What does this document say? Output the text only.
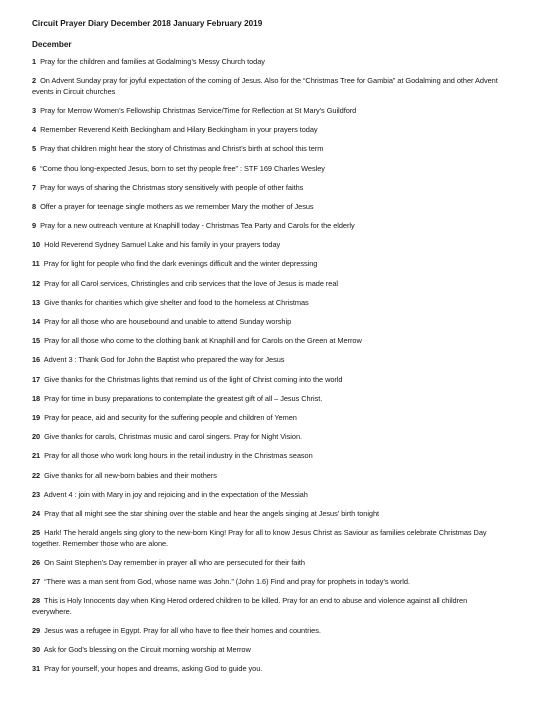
Circuit Prayer Diary December 2018 January February 2019
December
1 Pray for the children and families at Godalming’s Messy Church today
2 On Advent Sunday pray for joyful expectation of the coming of Jesus. Also for the “Christmas Tree for Gambia” at Godalming and other Advent events in Circuit churches
3 Pray for Merrow Women’s Fellowship Christmas Service/Time for Reflection at St Mary’s Guildford
4 Remember Reverend Keith Beckingham and Hilary Beckingham in your prayers today
5 Pray that children might hear the story of Christmas and Christ’s birth at school this term
6 “Come thou long-expected Jesus, born to set thy people free” : STF 169 Charles Wesley
7 Pray for ways of sharing the Christmas story sensitively with people of other faiths
8 Offer a prayer for teenage single mothers as we remember Mary the mother of Jesus
9 Pray for a new outreach venture at Knaphill today - Christmas Tea Party and Carols for the elderly
10 Hold Reverend Sydney Samuel Lake and his family in your prayers today
11 Pray for light for people who find the dark evenings difficult and the winter depressing
12 Pray for all Carol services, Christingles and crib services that the love of Jesus is made real
13 Give thanks for charities which give shelter and food to the homeless at Christmas
14 Pray for all those who are housebound and unable to attend Sunday worship
15 Pray for all those who come to the clothing bank at Knaphill and for Carols on the Green at Merrow
16 Advent 3 : Thank God for John the Baptist who prepared the way for Jesus
17 Give thanks for the Christmas lights that remind us of the light of Christ coming into the world
18 Pray for time in busy preparations to contemplate the greatest gift of all – Jesus Christ.
19 Pray for peace, aid and security for the suffering people and children of Yemen
20 Give thanks for carols, Christmas music and carol singers. Pray for Night Vision.
21 Pray for all those who work long hours in the retail industry in the Christmas season
22 Give thanks for all new-born babies and their mothers
23 Advent 4 : join with Mary in joy and rejoicing and in the expectation of the Messiah
24 Pray that all might see the star shining over the stable and hear the angels singing at Jesus’ birth tonight
25 Hark! The herald angels sing glory to the new-born King! Pray for all to know Jesus Christ as Saviour as families celebrate Christmas Day together. Remember those who are alone.
26 On Saint Stephen’s Day remember in prayer all who are persecuted for their faith
27 “There was a man sent from God, whose name was John.” (John 1.6) Find and pray for prophets in today’s world.
28 This is Holy Innocents day when King Herod ordered children to be killed. Pray for an end to abuse and violence against all children everywhere.
29 Jesus was a refugee in Egypt. Pray for all who have to flee their homes and countries.
30 Ask for God’s blessing on the Circuit morning worship at Merrow
31 Pray for yourself, your hopes and dreams, asking God to guide you.
